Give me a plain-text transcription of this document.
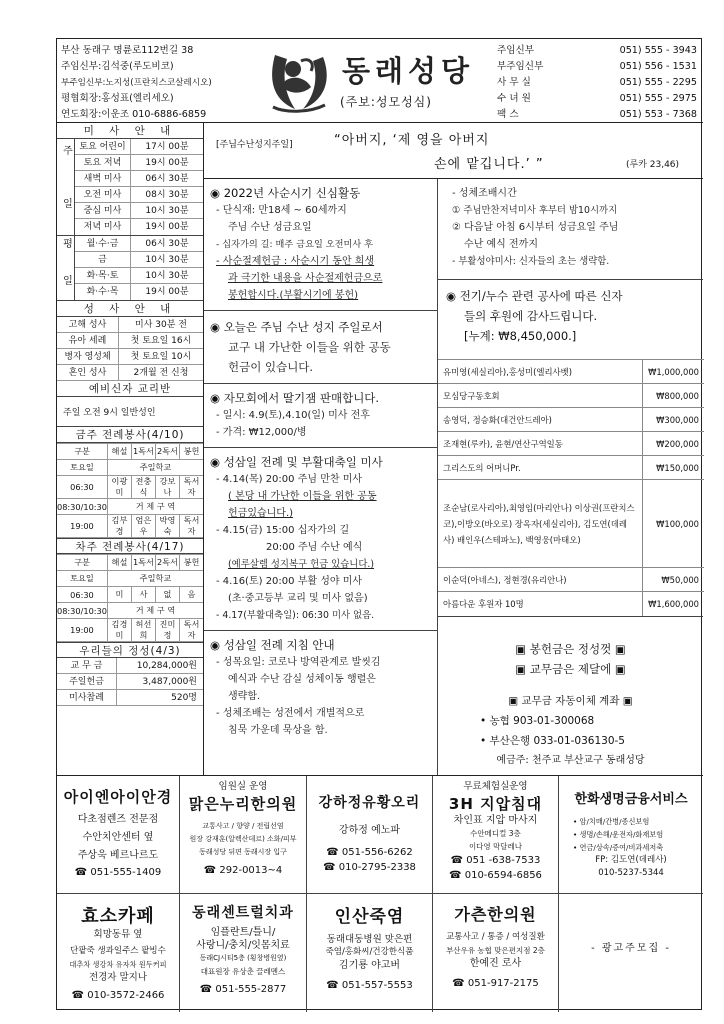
부산 동래구 명륜로112번길 38
주임신부:김석중(루도비코)
부주임신부:노지성(프란치스코살레시오)
평협회장:홍성표(엘리세오)
연도회장:이운조 010-6886-6859
동래성당
(주보:성모성심)
주임신부	051) 555 - 3943
부주임신부	051) 556 - 1531
사 무 실	051) 555 - 2295
수 녀 원	051) 555 - 2975
팩 스	051) 553 - 7368
미 사 안 내
주 일 토요 어린이	17시 00분
토요 저녁	19시 00분
새벽 미사	06시 30분
오전 미사	08시 30분
중심 미사	10시 30분
저녁 미사	19시 00분
평 일	월·수·금	06시 30분
금	10시 30분
화·목·토	10시 30분
화·수·목	19시 00분
성 사 안 내
고해 성사	미사 30분 전
유아 세례	첫 토요일 16시
병자 영성체	첫 토요일 10시
혼인 성사	2개월 전 신청
예비신자 교리반
주일 오전 9시 일반성인
금주 전례봉사(4/10)
구분	해설	1독서	2독서	봉헌
토요일	주일학교			
06:30	이광미	전충식	강보나	독서자
08:30/10:30	거 제 구 역			
19:00	김부경	엄은우	박영숙	독서자
차주 전례봉사(4/17)
구분	해설	1독서	2독서	봉헌
토요일	주일학교			
06:30	미	사	없	음
08:30/10:30	거 제 구 역			
19:00	김경미	허선희	진미정	독서자
우리들의 정성(4/3)
교 무 금	10,284,000원
주일헌금	3,487,000원
미사참례	520명
[주님수난성지주일]	“아버지, ‘제 영을 아버지
손에 맡깁니다.’ ”	(루카 23,46)
◉ 2022년 사순시기 신심활동
- 단식재: 만18세 ~ 60세까지
주님 수난 성금요일
- 십자가의 길: 매주 금요일 오전미사 후
- 사순절제헌금 : 사순시기 동안 희생
과 극기한 내용을 사순절제헌금으로
봉헌합시다.(부활시기에 봉헌)
◉ 오늘은 주님 수난 성지 주일로서
교구 내 가난한 이들을 위한 공동
헌금이 있습니다.
◉ 자모회에서 딸기잼 판매합니다.
- 일시: 4.9(토),4.10(일) 미사 전후
- 가격: ₩12,000/병
◉ 성삼일 전례 및 부활대축일 미사
- 4.14(목) 20:00 주님 만찬 미사
( 본당 내 가난한 이들을 위한 공동
헌금있습니다.)
- 4.15(금) 15:00 십자가의 길
20:00 주님 수난 예식
(예루살렘 성지복구 헌금 있습니다.)
- 4.16(토) 20:00 부활 성야 미사
(초·중고등부 교리 및 미사 없음)
- 4.17(부활대축일): 06:30 미사 없음.
◉ 성삼일 전례 지침 안내
- 성목요일: 코로나 방역관계로 발씻김
예식과 수난 감실 성체이동 행렬은
생략함.
- 성체조배는 성전에서 개별적으로
침묵 가운데 묵상을 함.
- 성체조배시간
① 주님만찬저녁미사 후부터 밤10시까지
② 다음날 아침 6시부터 성금요일 주님
수난 예식 전까지
- 부활성야미사: 신자들의 초는 생략함.
◉ 전기/누수 관련 공사에 따른 신자
들의 후원에 감사드립니다.
[누계: ₩8,450,000.]
유미영(세실리아),홍성미(엘리사벳)	₩1,000,000
모심당구동호회	₩800,000
송영덕, 정승화(대건안드레아)	₩300,000
조재현(루카), 윤현/연산구역일동	₩200,000
그리스도의 어머니Pr.	₩150,000
조순남(로사리아),최영임(마리안나) 이상권(프란치스코),이방오(바오로) 장옥자(세실리아), 김도연(데레사) 배인우(스테파노), 백영웅(마태오)	₩100,000
이순덕(아네스), 정현경(유리안나)	₩50,000
아름다운 후원자 10명	₩1,600,000
▣ 봉헌금은 정성껏 ▣
▣ 교무금은 제달에 ▣
▣ 교무금 자동이체 계좌 ▣
• 농협 903-01-300068
• 부산은행 033-01-036130-5
예금주: 천주교 부산교구 동래성당
아이엔아이안경
다초점렌즈 전문점
수안치안센터 옆
주상욱 베르나르도
☎ 051-555-1409
임원실 운영
맑은누리한의원
교통사고 / 향양 / 전립선염
원장 강재훈(알렉산데르) 소화/피부
동래성당 뒤편 동래시장 입구
☎ 292-0013~4
강하정유황오리
강하정 예노파
☎ 051-556-6262
☎ 010-2795-2338
무료체험실운영
3H 지압침대
차인표 지압 마사지
수안메디컬 3층
이다영 막달레나
☎ 051 -638-7533
☎ 010-6594-6856
한화생명금융서비스
• 암/치매/간병/종신보험
• 생명/손해/운전자/화재보험
• 연금/상속/증여/비과세저축
FP: 김도연(데레사)
010-5237-5344
효소카페
회망동뮤 옆
단팥죽 생과일주스 팥빙수
대추차 생강차 유자차 원두커피
전경자 말지나
☎ 010-3572-2466
동래센트럴치과
임플란트/틀니/
사랑니/충치/잇몸치료
동래CJ시티5층 (횡창병원옆)
대표원장 유상춘 끌레멘스
☎ 051-555-2877
인산죽염
동래대동병원 맞은편
죽염/홍화씨/건강한식품
김기룡 야고버
☎ 051-557-5553
가츤한의원
교통사고 / 통증 / 여성질환
부산우유 농협 맞은편지점 2층
한예진 로사
☎ 051-917-2175
- 광고주모집 -
